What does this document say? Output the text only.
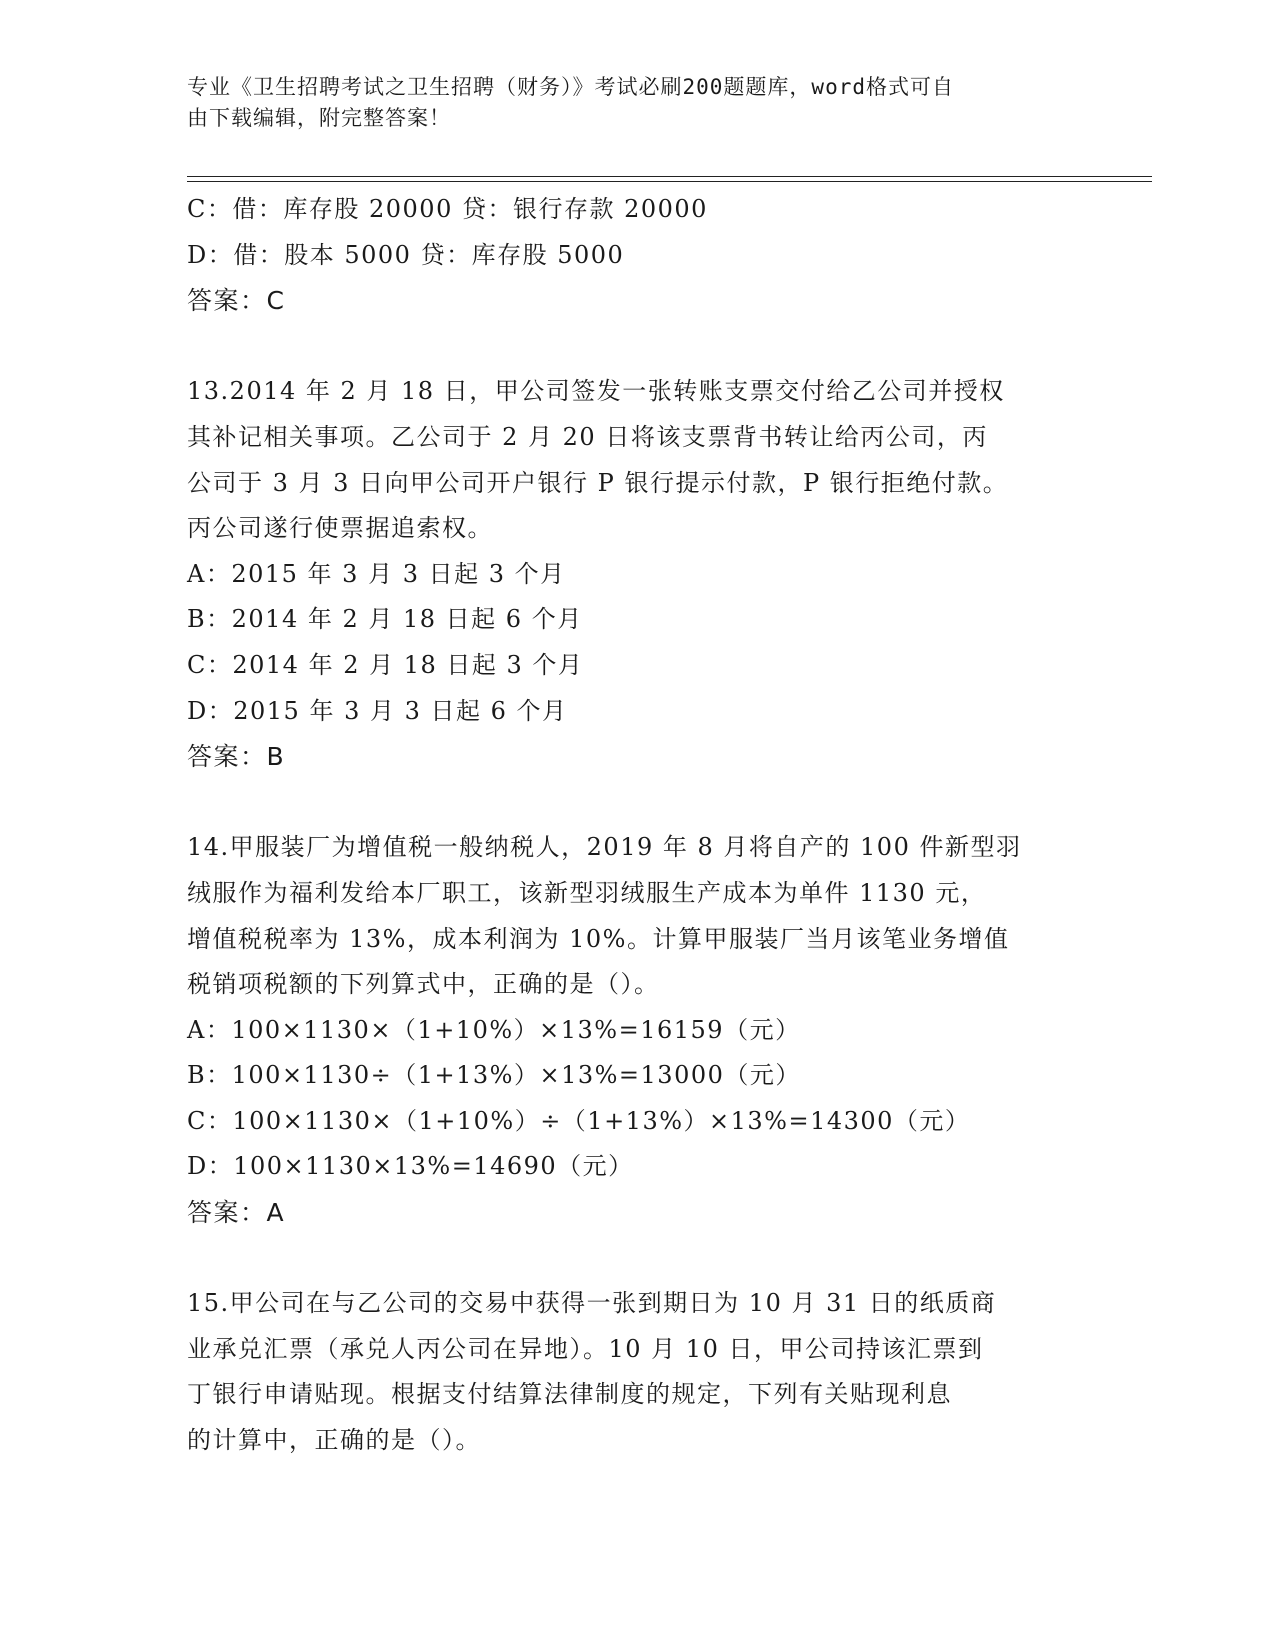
专业《卫生招聘考试之卫生招聘（财务）》考试必刷200题题库，word格式可自
由下载编辑，附完整答案！
C：借：库存股 20000 贷：银行存款 20000
D：借：股本 5000 贷：库存股 5000
答案：C
13.2014 年 2 月 18 日，甲公司签发一张转账支票交付给乙公司并授权
其补记相关事项。乙公司于 2 月 20 日将该支票背书转让给丙公司，丙
公司于 3 月 3 日向甲公司开户银行 P 银行提示付款，P 银行拒绝付款。
丙公司遂行使票据追索权。
A：2015 年 3 月 3 日起 3 个月
B：2014 年 2 月 18 日起 6 个月
C：2014 年 2 月 18 日起 3 个月
D：2015 年 3 月 3 日起 6 个月
答案：B
14.甲服装厂为增值税一般纳税人，2019 年 8 月将自产的 100 件新型羽
绒服作为福利发给本厂职工，该新型羽绒服生产成本为单件 1130 元，
增值税税率为 13%，成本利润为 10%。计算甲服装厂当月该笔业务增值
税销项税额的下列算式中，正确的是（）。
A：100×1130×（1+10%）×13%=16159（元）
B：100×1130÷（1+13%）×13%=13000（元）
C：100×1130×（1+10%）÷（1+13%）×13%=14300（元）
D：100×1130×13%=14690（元）
答案：A
15.甲公司在与乙公司的交易中获得一张到期日为 10 月 31 日的纸质商
业承兑汇票（承兑人丙公司在异地）。10 月 10 日，甲公司持该汇票到
丁银行申请贴现。根据支付结算法律制度的规定，下列有关贴现利息
的计算中，正确的是（）。
